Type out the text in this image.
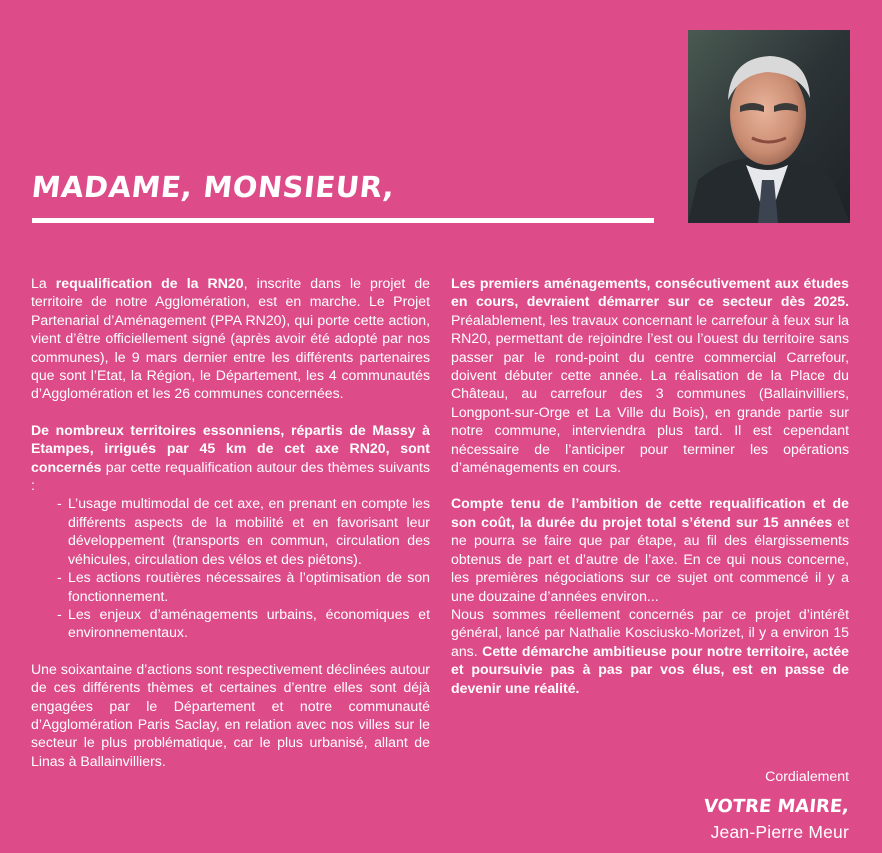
MADAME, MONSIEUR,

La requalification de la RN20, inscrite dans le projet de territoire de notre Agglomération, est en marche. Le Projet Partenarial d’Aménagement (PPA RN20), qui porte cette action, vient d’être officiellement signé (après avoir été adopté par nos communes), le 9 mars dernier entre les différents partenaires que sont l’Etat, la Région, le Département, les 4 communautés d’Agglomération et les 26 communes concernées.

De nombreux territoires essonniens, répartis de Massy à Etampes, irrigués par 45 km de cet axe RN20, sont concernés par cette requalification autour des thèmes suivants :

- L’usage multimodal de cet axe, en prenant en compte les différents aspects de la mobilité et en favorisant leur développement (transports en commun, circulation des véhicules, circulation des vélos et des piétons).
- Les actions routières nécessaires à l’optimisation de son fonctionnement.
- Les enjeux d’aménagements urbains, économiques et environnementaux.

Une soixantaine d’actions sont respectivement déclinées autour de ces différents thèmes et certaines d’entre elles sont déjà engagées par le Département et notre communauté d’Agglomération Paris Saclay, en relation avec nos villes sur le secteur le plus problématique, car le plus urbanisé, allant de Linas à Ballainvilliers.

Les premiers aménagements, consécutivement aux études en cours, devraient démarrer sur ce secteur dès 2025. Préalablement, les travaux concernant le carrefour à feux sur la RN20, permettant de rejoindre l’est ou l’ouest du territoire sans passer par le rond-point du centre commercial Carrefour, doivent débuter cette année. La réalisation de la Place du Château, au carrefour des 3 communes (Ballainvilliers, Longpont-sur-Orge et La Ville du Bois), en grande partie sur notre commune, interviendra plus tard. Il est cependant nécessaire de l’anticiper pour terminer les opérations d’aménagements en cours.

Compte tenu de l’ambition de cette requalification et de son coût, la durée du projet total s’étend sur 15 années et ne pourra se faire que par étape, au fil des élargissements obtenus de part et d’autre de l’axe. En ce qui nous concerne, les premières négociations sur ce sujet ont commencé il y a une douzaine d’années environ...

Nous sommes réellement concernés par ce projet d’intérêt général, lancé par Nathalie Kosciusko-Morizet, il y a environ 15 ans. Cette démarche ambitieuse pour notre territoire, actée et poursuivie pas à pas par vos élus, est en passe de devenir une réalité.

Cordialement
VOTRE MAIRE,
Jean-Pierre Meur
